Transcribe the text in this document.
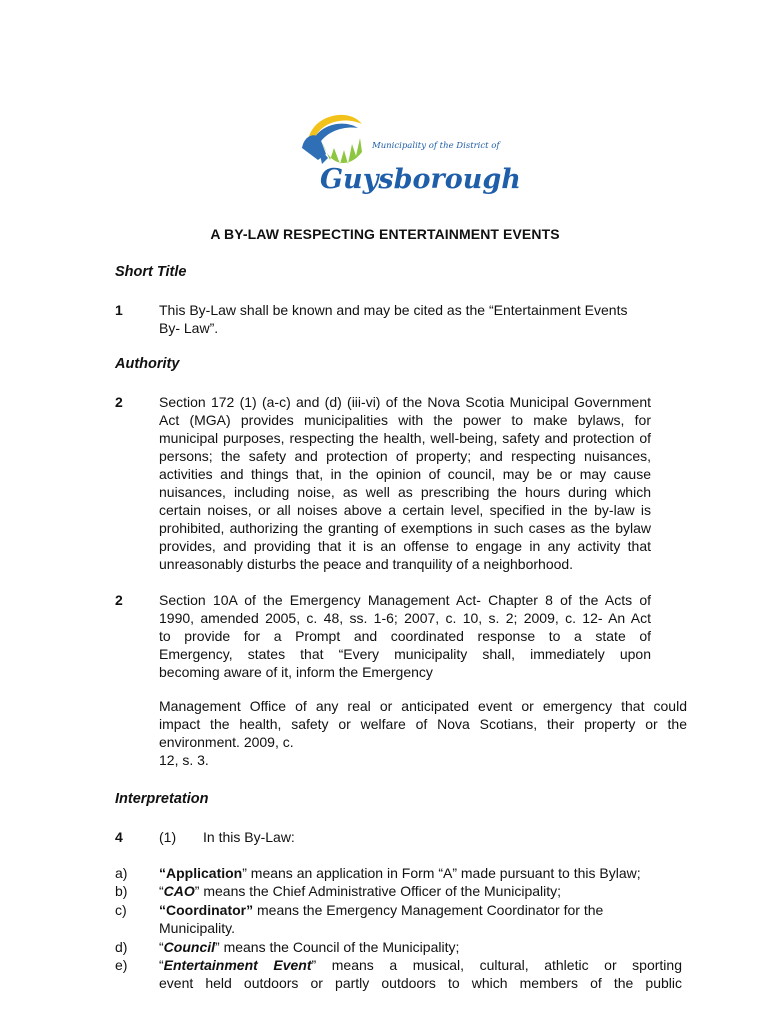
Municipality of the District of
Guysborough
A BY-LAW RESPECTING ENTERTAINMENT EVENTS
Short Title
1	This By-Law shall be known and may be cited as the “Entertainment Events
By- Law”.
Authority
2	Section 172 (1) (a-c) and (d) (iii-vi) of the Nova Scotia Municipal Government
Act (MGA) provides municipalities with the power to make bylaws, for
municipal purposes, respecting the health, well-being, safety and protection of
persons; the safety and protection of property; and respecting nuisances,
activities and things that, in the opinion of council, may be or may cause
nuisances, including noise, as well as prescribing the hours during which
certain noises, or all noises above a certain level, specified in the by-law is
prohibited, authorizing the granting of exemptions in such cases as the bylaw
provides, and providing that it is an offense to engage in any activity that
unreasonably disturbs the peace and tranquility of a neighborhood.
2	Section 10A of the Emergency Management Act- Chapter 8 of the Acts of
1990, amended 2005, c. 48, ss. 1-6; 2007, c. 10, s. 2; 2009, c. 12- An Act
to provide for a Prompt and coordinated response to a state of
Emergency, states that “Every municipality shall, immediately upon
becoming aware of it, inform the Emergency
Management Office of any real or anticipated event or emergency that could
impact the health, safety or welfare of Nova Scotians, their property or the
environment. 2009, c.
12, s. 3.
Interpretation
4	(1) In this By-Law:
a)
b)
c)

d)
e)
“Application” means an application in Form “A” made pursuant to this Bylaw;
“CAO” means the Chief Administrative Officer of the Municipality;
“Coordinator” means the Emergency Management Coordinator for the
Municipality.
“Council” means the Council of the Municipality;
“Entertainment Event” means a musical, cultural, athletic or sporting
event held outdoors or partly outdoors to which members of the public
